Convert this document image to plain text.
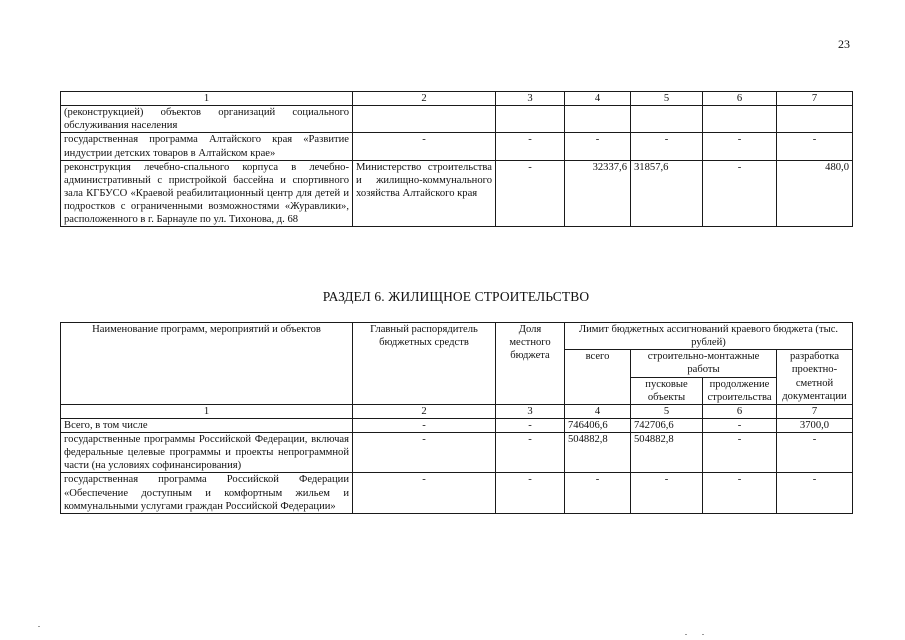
23
1	2	3	4	5	6	7
(реконструкцией) объектов организаций социального обслуживания населения						
государственная программа Алтайского края «Развитие индустрии детских товаров в Алтайском крае»	-	-	-	-	-	-
реконструкция лечебно-спального корпуса в лечебно-административный с пристройкой бассейна и спортивного зала КГБУСО «Краевой реабилитационный центр для детей и подростков с ограниченными возможностями «Журавлики», расположенного в г. Барнауле по ул. Тихонова, д. 68	Министерство строительства и жилищно-коммунального хозяйства Алтайского края	-	32337,6	31857,6	-	480,0
РАЗДЕЛ 6. ЖИЛИЩНОЕ СТРОИТЕЛЬСТВО
Наименование программ, мероприятий и объектов	Главный распорядитель бюджетных средств	Доля местного бюджета	Лимит бюджетных ассигнований краевого бюджета (тыс. рублей)			
			всего	строительно-монтажные работы		разработка проектно-сметной документации
				пусковые объекты	продолжение строительства	
1	2	3	4	5	6	7
Всего, в том числе	-	-	746406,6	742706,6	-	3700,0
государственные программы Российской Федерации, включая федеральные целевые программы и проекты непрограммной части (на условиях софинансирования)	-	-	504882,8	504882,8	-	-
государственная программа Российской Федерации «Обеспечение доступным и комфортным жильем и коммунальными услугами граждан Российской Федерации»	-	-	-	-	-	-
